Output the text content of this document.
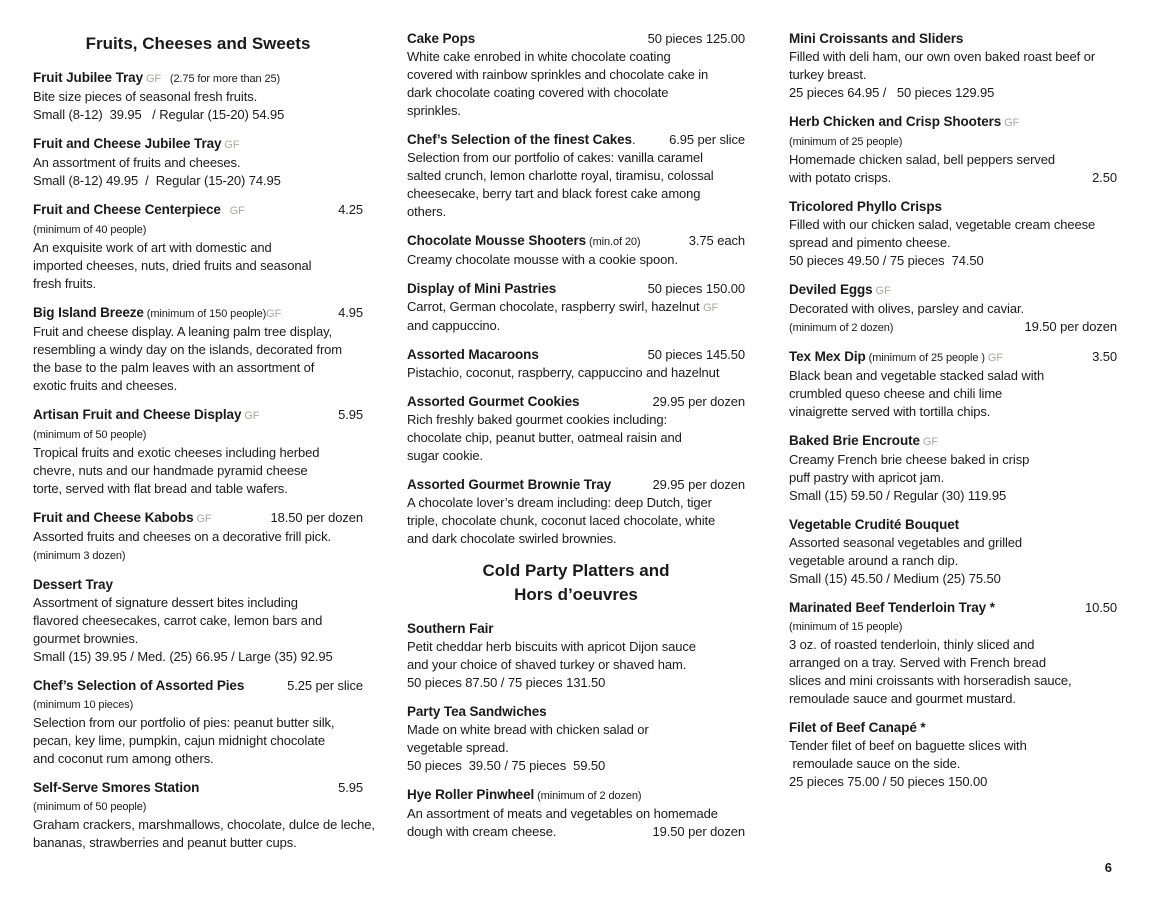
Fruits, Cheeses and Sweets
Fruit Jubilee Tray GF   (2.75 for more than 25)
Bite size pieces of seasonal fresh fruits.
Small (8-12)  39.95   / Regular (15-20) 54.95
Fruit and Cheese Jubilee Tray GF
An assortment of fruits and cheeses.
Small (8-12) 49.95  /  Regular (15-20) 74.95
4.25
Fruit and Cheese Centerpiece   GF
(minimum of 40 people)
An exquisite work of art with domestic and
imported cheeses, nuts, dried fruits and seasonal
fresh fruits.
4.95
Big Island Breeze (minimum of 150 people)GF
Fruit and cheese display. A leaning palm tree display,
resembling a windy day on the islands, decorated from
the base to the palm leaves with an assortment of
exotic fruits and cheeses.
5.95
Artisan Fruit and Cheese Display GF
(minimum of 50 people)
Tropical fruits and exotic cheeses including herbed
chevre, nuts and our handmade pyramid cheese
torte, served with flat bread and table wafers.
18.50 per dozen
Fruit and Cheese Kabobs GF
Assorted fruits and cheeses on a decorative frill pick.
(minimum 3 dozen)
Dessert Tray
Assortment of signature dessert bites including
flavored cheesecakes, carrot cake, lemon bars and
gourmet brownies.
Small (15) 39.95 / Med. (25) 66.95 / Large (35) 92.95
5.25 per slice
Chef’s Selection of Assorted Pies
(minimum 10 pieces)
Selection from our portfolio of pies: peanut butter silk,
pecan, key lime, pumpkin, cajun midnight chocolate
and coconut rum among others.
5.95
Self-Serve Smores Station
(minimum of 50 people)
Graham crackers, marshmallows, chocolate, dulce de leche,
bananas, strawberries and peanut butter cups.
50 pieces 125.00
Cake Pops
White cake enrobed in white chocolate coating
covered with rainbow sprinkles and chocolate cake in
dark chocolate coating covered with chocolate
sprinkles.
6.95 per slice
Chef’s Selection of the finest Cakes.
Selection from our portfolio of cakes: vanilla caramel
salted crunch, lemon charlotte royal, tiramisu, colossal
cheesecake, berry tart and black forest cake among
others.
3.75 each
Chocolate Mousse Shooters (min.of 20)
Creamy chocolate mousse with a cookie spoon.
50 pieces 150.00
Display of Mini Pastries
Carrot, German chocolate, raspberry swirl, hazelnut GF
and cappuccino.
50 pieces 145.50
Assorted Macaroons
Pistachio, coconut, raspberry, cappuccino and hazelnut
29.95 per dozen
Assorted Gourmet Cookies
Rich freshly baked gourmet cookies including:
chocolate chip, peanut butter, oatmeal raisin and
sugar cookie.
29.95 per dozen
Assorted Gourmet Brownie Tray
A chocolate lover’s dream including: deep Dutch, tiger
triple, chocolate chunk, coconut laced chocolate, white
and dark chocolate swirled brownies.
Cold Party Platters and
Hors d’oeuvres
Southern Fair
Petit cheddar herb biscuits with apricot Dijon sauce
and your choice of shaved turkey or shaved ham.
50 pieces 87.50 / 75 pieces 131.50
Party Tea Sandwiches
Made on white bread with chicken salad or
vegetable spread.
50 pieces  39.50 / 75 pieces  59.50
Hye Roller Pinwheel (minimum of 2 dozen)
An assortment of meats and vegetables on homemade
19.50 per dozen
dough with cream cheese.
Mini Croissants and Sliders
Filled with deli ham, our own oven baked roast beef or
turkey breast.
25 pieces 64.95 /   50 pieces 129.95
Herb Chicken and Crisp Shooters GF
(minimum of 25 people)
Homemade chicken salad, bell peppers served
2.50
with potato crisps.
Tricolored Phyllo Crisps
Filled with our chicken salad, vegetable cream cheese
spread and pimento cheese.
50 pieces 49.50 / 75 pieces  74.50
Deviled Eggs GF
Decorated with olives, parsley and caviar.
19.50 per dozen
(minimum of 2 dozen)
3.50
Tex Mex Dip (minimum of 25 people ) GF
Black bean and vegetable stacked salad with
crumbled queso cheese and chili lime
vinaigrette served with tortilla chips.
Baked Brie Encroute GF
Creamy French brie cheese baked in crisp
puff pastry with apricot jam.
Small (15) 59.50 / Regular (30) 119.95
Vegetable Crudité Bouquet
Assorted seasonal vegetables and grilled
vegetable around a ranch dip.
Small (15) 45.50 / Medium (25) 75.50
10.50
Marinated Beef Tenderloin Tray *
(minimum of 15 people)
3 oz. of roasted tenderloin, thinly sliced and
arranged on a tray. Served with French bread
slices and mini croissants with horseradish sauce,
remoulade sauce and gourmet mustard.
Filet of Beef Canapé *
Tender filet of beef on baguette slices with
remoulade sauce on the side.
25 pieces 75.00 / 50 pieces 150.00
6
